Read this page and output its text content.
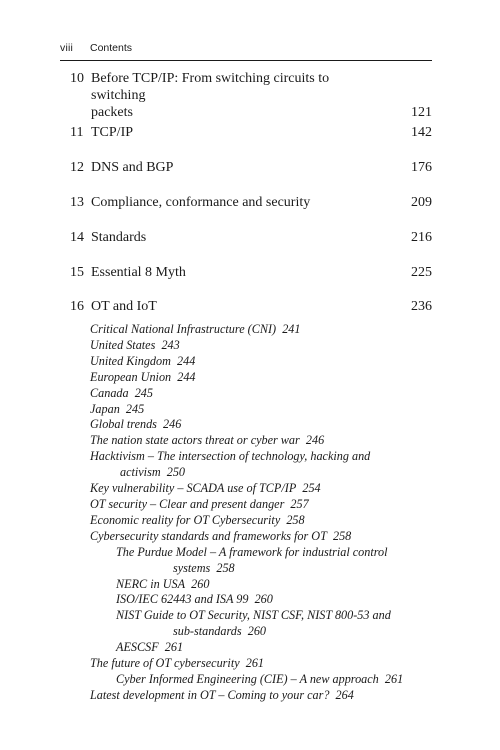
viii Contents
10 Before TCP/IP: From switching circuits to switching
packets	121
11 TCP/IP	142
12 DNS and BGP	176
13 Compliance, conformance and security	209
14 Standards	216
15 Essential 8 Myth	225
16 OT and IoT	236
Critical National Infrastructure (CNI) 241
United States 243
United Kingdom 244
European Union 244
Canada 245
Japan 245
Global trends 246
The nation state actors threat or cyber war 246
Hacktivism – The intersection of technology, hacking and
activism 250
Key vulnerability – SCADA use of TCP/IP 254
OT security – Clear and present danger 257
Economic reality for OT Cybersecurity 258
Cybersecurity standards and frameworks for OT 258
The Purdue Model – A framework for industrial control
systems 258
NERC in USA 260
ISO/IEC 62443 and ISA 99 260
NIST Guide to OT Security, NIST CSF, NIST 800-53 and
sub-standards 260
AESCSF 261
The future of OT cybersecurity 261
Cyber Informed Engineering (CIE) – A new approach 261
Latest development in OT – Coming to your car? 264
